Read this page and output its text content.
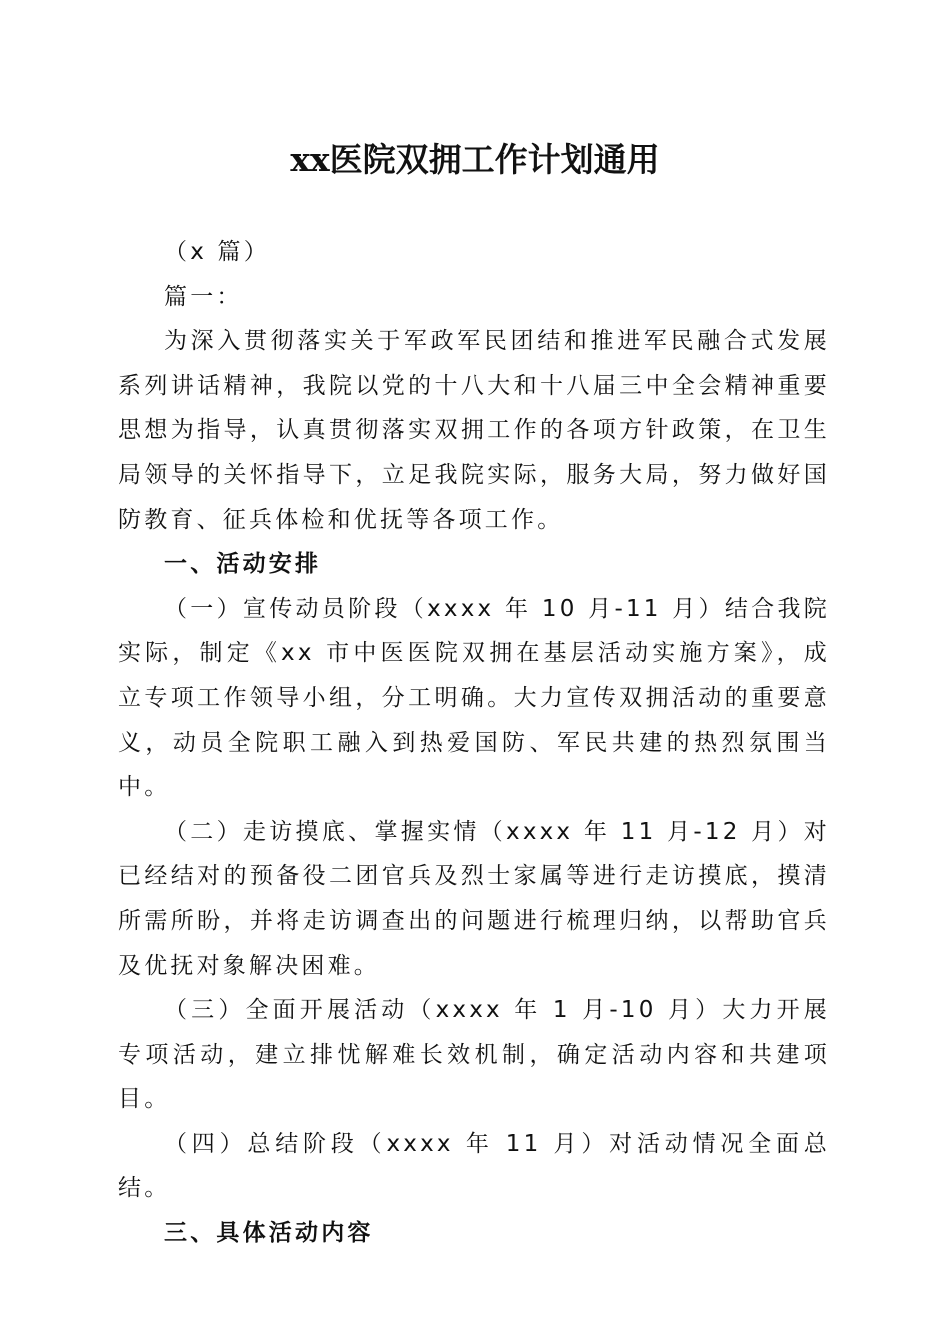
xx医院双拥工作计划通用

（x 篇）

篇一：

为深入贯彻落实关于军政军民团结和推进军民融合式发展系列讲话精神，我院以党的十八大和十八届三中全会精神重要思想为指导，认真贯彻落实双拥工作的各项方针政策，在卫生局领导的关怀指导下，立足我院实际，服务大局，努力做好国防教育、征兵体检和优抚等各项工作。

一、活动安排

（一）宣传动员阶段（xxxx 年 10 月-11 月）结合我院实际，制定《xx 市中医医院双拥在基层活动实施方案》，成立专项工作领导小组，分工明确。大力宣传双拥活动的重要意义，动员全院职工融入到热爱国防、军民共建的热烈氛围当中。

（二）走访摸底、掌握实情（xxxx 年 11 月-12 月）对已经结对的预备役二团官兵及烈士家属等进行走访摸底，摸清所需所盼，并将走访调查出的问题进行梳理归纳，以帮助官兵及优抚对象解决困难。

（三）全面开展活动（xxxx 年 1 月-10 月）大力开展专项活动，建立排忧解难长效机制，确定活动内容和共建项目。

（四）总结阶段（xxxx 年 11 月）对活动情况全面总结。

三、具体活动内容
